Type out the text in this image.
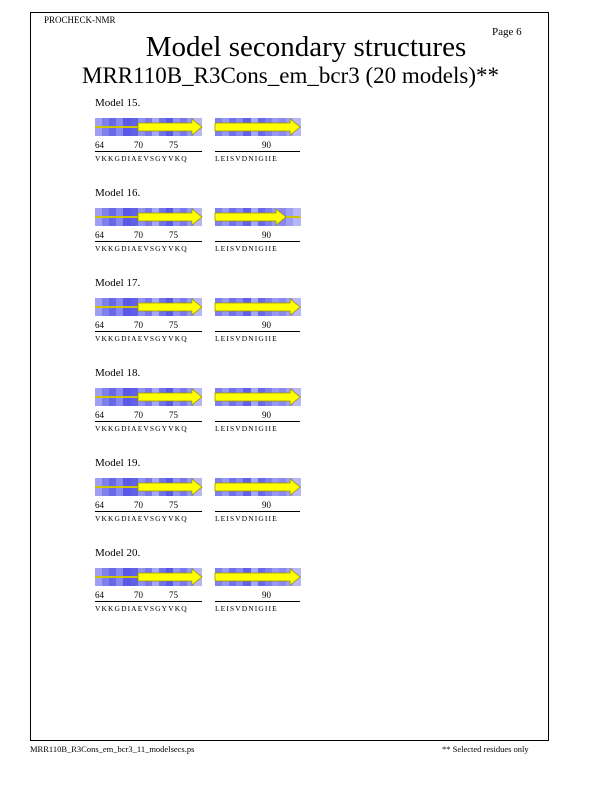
PROCHECK-NMR
Page 6
Model secondary structures
MRR110B_R3Cons_em_bcr3 (20 models)**
Model 15.
64	70	75
VKKGDIAEVSGYVKQ
90
LEISVDNIGIIE
Model 16.
64	70	75
VKKGDIAEVSGYVKQ
90
LEISVDNIGIIE
Model 17.
64	70	75
VKKGDIAEVSGYVKQ
90
LEISVDNIGIIE
Model 18.
64	70	75
VKKGDIAEVSGYVKQ
90
LEISVDNIGIIE
Model 19.
64	70	75
VKKGDIAEVSGYVKQ
90
LEISVDNIGIIE
Model 20.
64	70	75
VKKGDIAEVSGYVKQ
90
LEISVDNIGIIE
MRR110B_R3Cons_em_bcr3_11_modelsecs.ps	** Selected residues only
